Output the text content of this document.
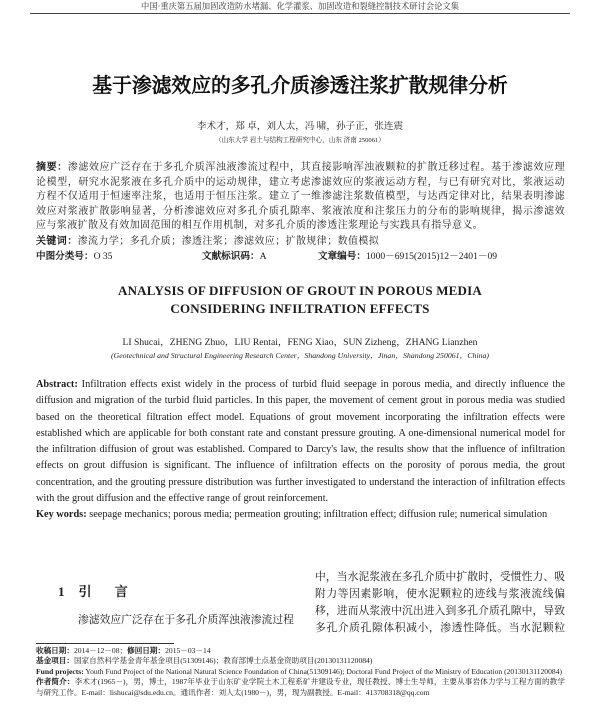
中国·重庆第五届加固改造防水堵漏、化学灌浆、加固改造和裂缝控制技术研讨会论文集
基于渗滤效应的多孔介质渗透注浆扩散规律分析
李术才，郑 卓，刘人太，冯 啸，孙子正，张连震
（山东大学 岩土与结构工程研究中心，山东 济南 250061）

摘要：渗滤效应广泛存在于多孔介质浑浊液渗流过程中，其直接影响浑浊液颗粒的扩散迁移过程。基于渗滤效应理论模型，研究水泥浆液在多孔介质中的运动规律，建立考虑渗滤效应的浆液运动方程，与已有研究对比，浆液运动方程不仅适用于恒速率注浆，也适用于恒压注浆。建立了一维渗滤注浆数值模型，与达西定律对比，结果表明渗滤效应对浆液扩散影响显著，分析渗滤效应对多孔介质孔隙率、浆液浓度和注浆压力的分布的影响规律，揭示渗滤效应与浆液扩散及有效加固范围的相互作用机制，对多孔介质的渗透注浆理论与实践具有指导意义。

关键词：渗流力学；多孔介质；渗透注浆；渗滤效应；扩散规律；数值模拟

中图分类号：O 35	文献标识码：A	文章编号：1000－6915(2015)12－2401－09
ANALYSIS OF DIFFUSION OF GROUT IN POROUS MEDIA
CONSIDERING INFILTRATION EFFECTS
LI Shucai，ZHENG Zhuo，LIU Rentai，FENG Xiao，SUN Zizheng，ZHANG Lianzhen
(Geotechnical and Structural Engineering Research Center，Shandong University，Jinan，Shandong 250061，China)

Abstract: Infiltration effects exist widely in the process of turbid fluid seepage in porous media, and directly influence the diffusion and migration of the turbid fluid particles. In this paper, the movement of cement grout in porous media was studied based on the theoretical filtration effect model. Equations of grout movement incorporating the infiltration effects were established which are applicable for both constant rate and constant pressure grouting. A one-dimensional numerical model for the infiltration diffusion of grout was established. Compared to Darcy's law, the results show that the influence of infiltration effects on grout diffusion is significant. The influence of infiltration effects on the porosity of porous media, the grout concentration, and the grouting pressure distribution was further investigated to understand the interaction of infiltration effects with the grout diffusion and the effective range of grout reinforcement.

Key words: seepage mechanics; porous media; permeation grouting; infiltration effect; diffusion rule; numerical simulation

1 引 言
渗滤效应广泛存在于多孔介质浑浊液渗流过程

中，当水泥浆液在多孔介质中扩散时，受惯性力、吸附力等因素影响，使水泥颗粒的迹线与浆液流线偏移，进而从浆液中沉出进入到多孔介质孔隙中，导致多孔介质孔隙体积减小，渗透性降低。当水泥颗粒

收稿日期：2014－12－08；修回日期：2015－03－14
基金项目：国家自然科学基金青年基金项目(51309146)；教育部博士点基金资助项目(20130131120084)
Fund projects: Youth Fund Project of the National Natural Science Foundation of China(51309146); Doctoral Fund Project of the Ministry of Education (20130131120084)
作者简介：李术才(1965－)，男，博士，1987年毕业于山东矿业学院土木工程系矿井建设专业，现任教授、博士生导师，主要从事岩体力学与工程方面的教学与研究工作。E-mail：lishucai@sdu.edu.cn。通讯作者：刘人太(1980－)，男，现为副教授。E-mail：413708318@qq.com
